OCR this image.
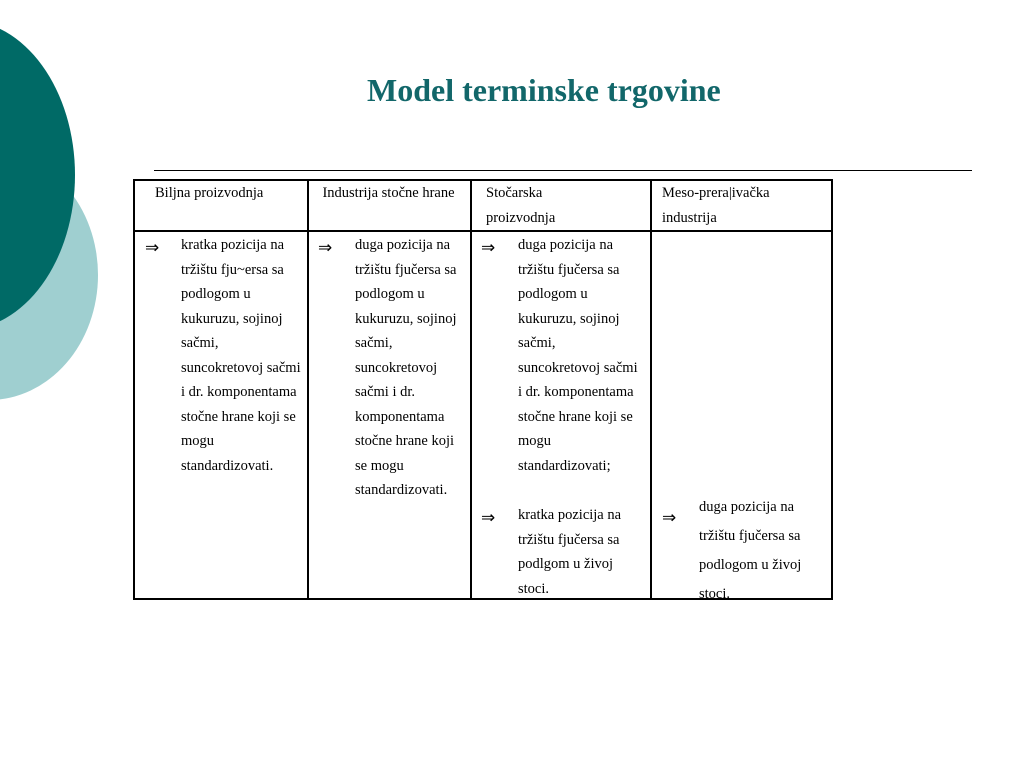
Model terminske trgovine
Biljna proizvodnja	Industrija stočne hrane Stočarska proizvodnja
Meso-prera|ivačka industrija
⇒ kratka pozicija na tržištu fju~ersa sa podlogom u kukuruzu, sojinoj sačmi, suncokretovoj sačmi i dr. komponentama stočne hrane koji se mogu standardizovati.
⇒ duga pozicija na tržištu fjučersa sa podlogom u kukuruzu, sojinoj sačmi, suncokretovoj sačmi i dr. komponentama stočne hrane koji se mogu standardizovati.
⇒ duga pozicija na tržištu fjučersa sa podlogom u kukuruzu, sojinoj sačmi, suncokretovoj sačmi i dr. komponentama stočne hrane koji se mogu standardizovati;
⇒ kratka pozicija na tržištu fjučersa sa podlgom u živoj stoci.
⇒
duga pozicija na tržištu fjučersa sa podlogom u živoj stoci.
